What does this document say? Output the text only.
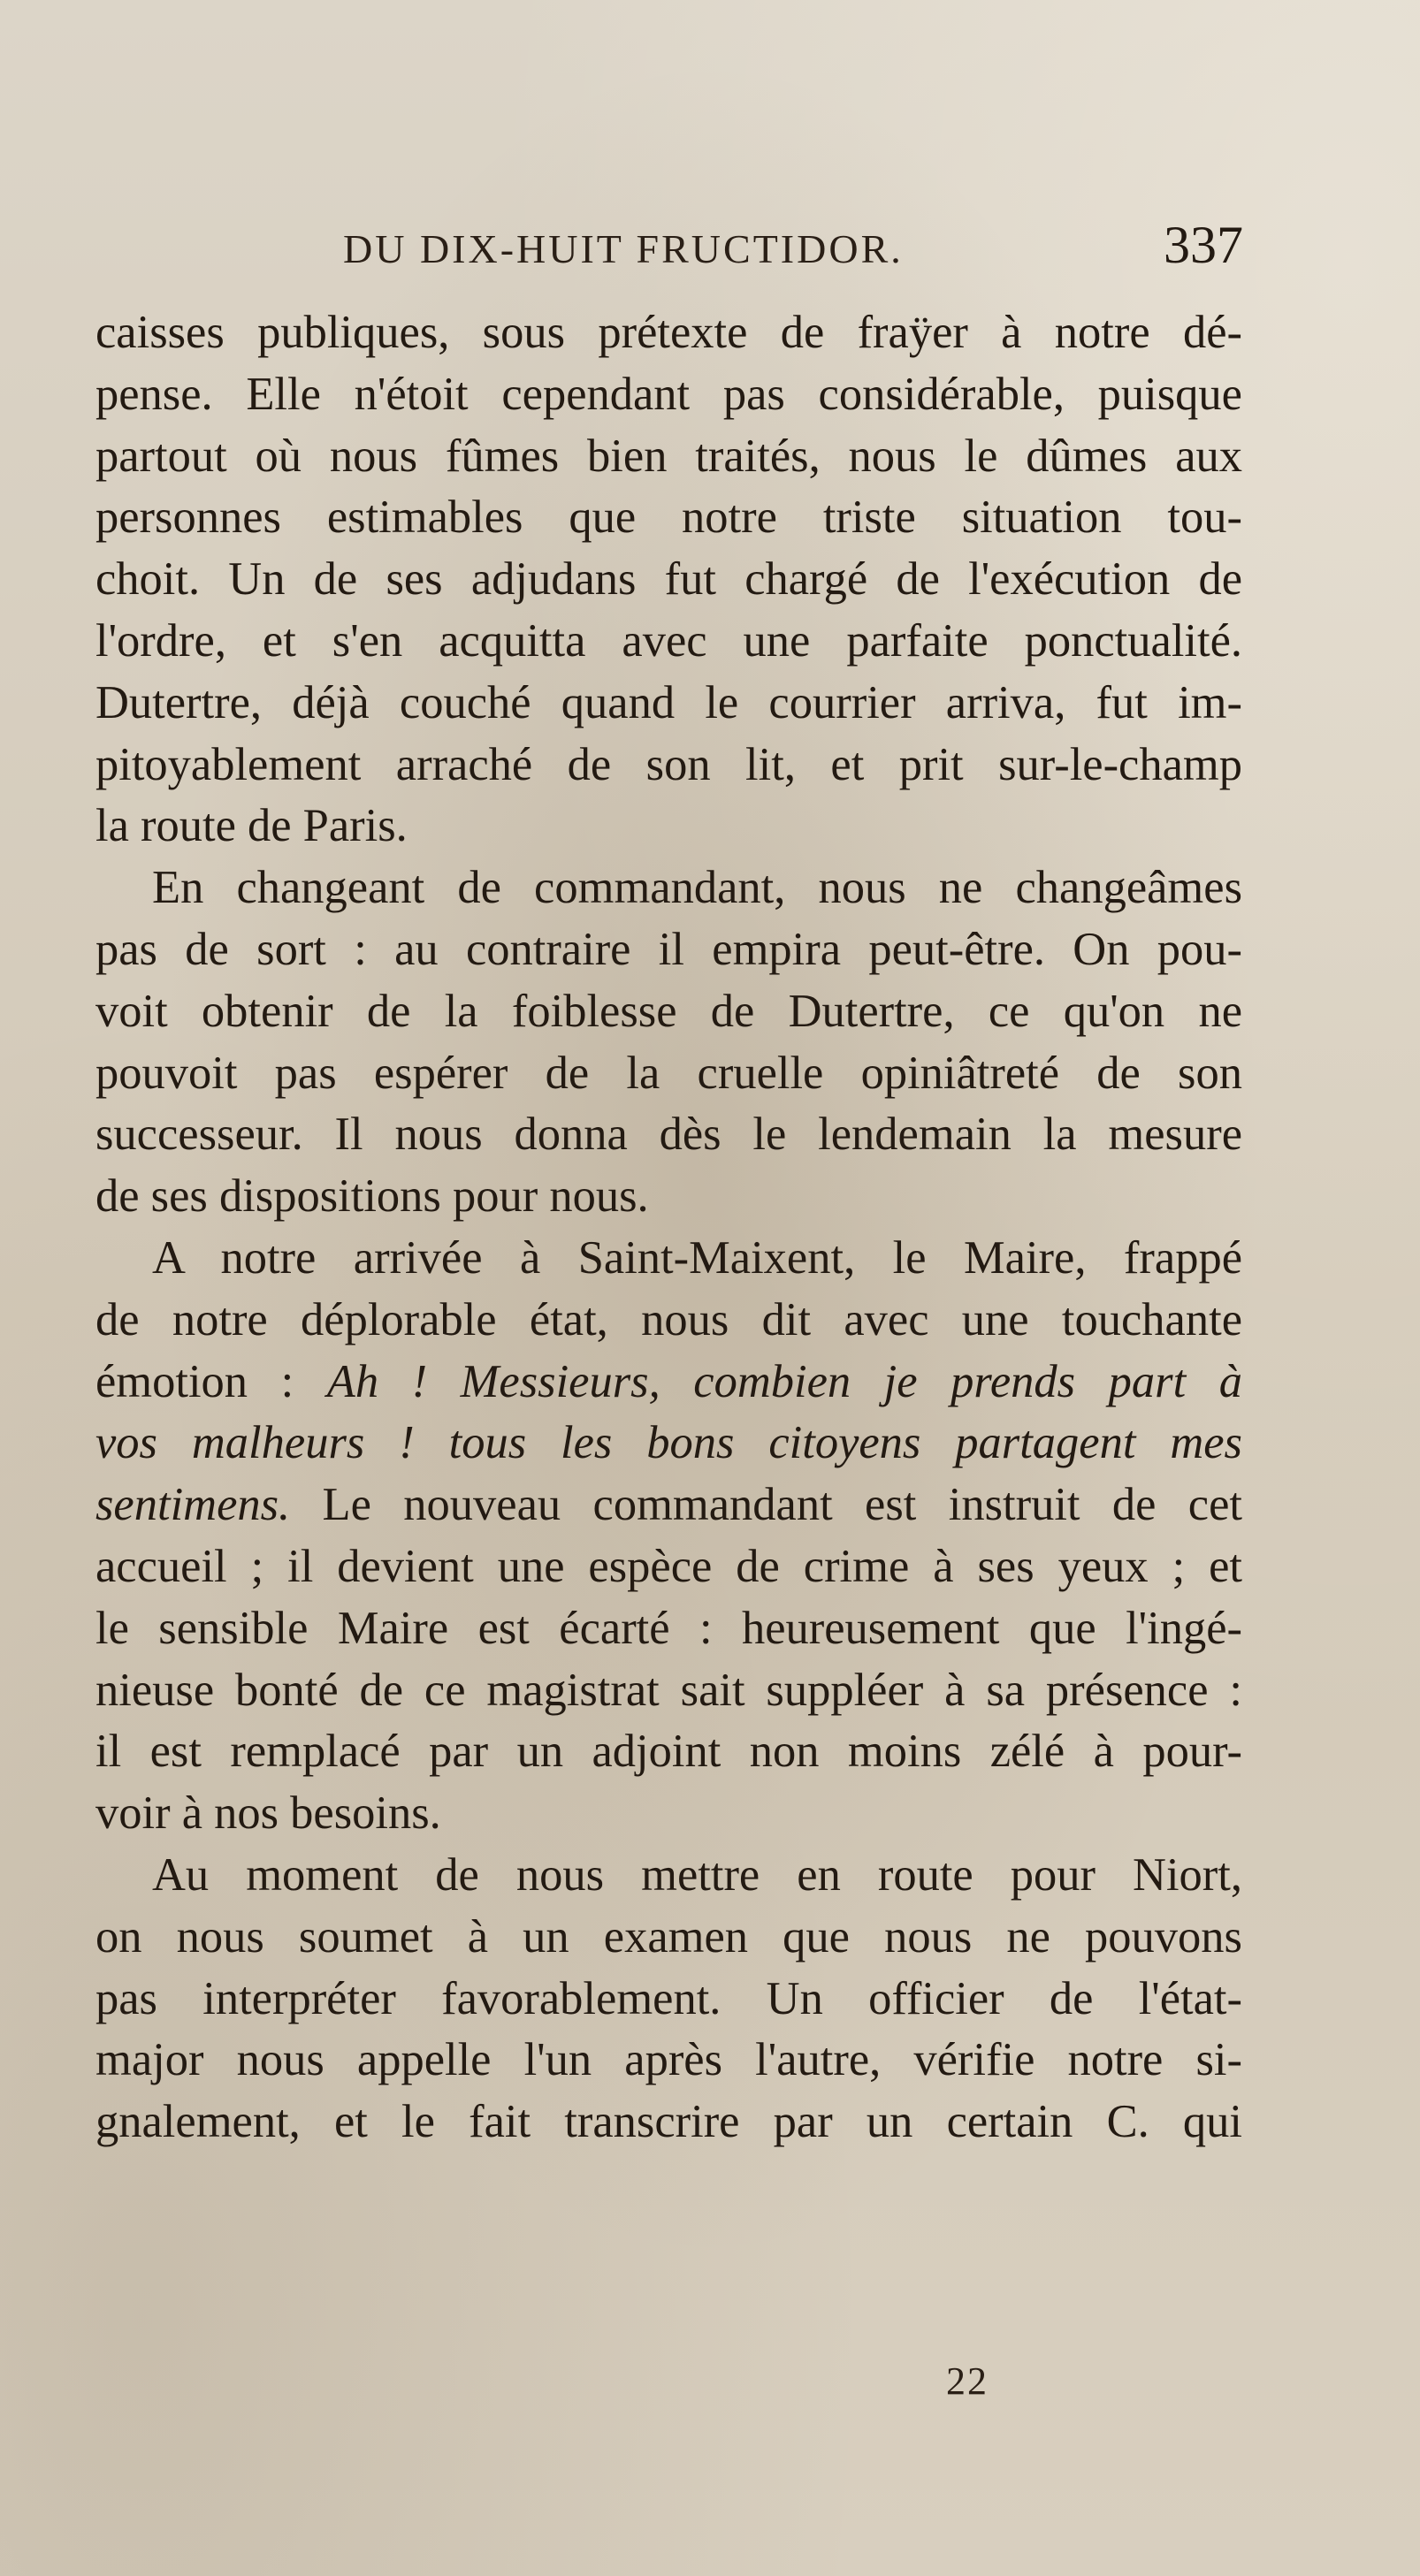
DU DIX-HUIT FRUCTIDOR.	337
caisses publiques, sous prétexte de fraÿer à notre dé-
pense. Elle n'étoit cependant pas considérable, puisque
partout où nous fûmes bien traités, nous le dûmes aux
personnes estimables que notre triste situation tou-
choit. Un de ses adjudans fut chargé de l'exécution de
l'ordre, et s'en acquitta avec une parfaite ponctualité.
Dutertre, déjà couché quand le courrier arriva, fut im-
pitoyablement arraché de son lit, et prit sur-le-champ
la route de Paris.
En changeant de commandant, nous ne changeâmes
pas de sort : au contraire il empira peut-être. On pou-
voit obtenir de la foiblesse de Dutertre, ce qu'on ne
pouvoit pas espérer de la cruelle opiniâtreté de son
successeur. Il nous donna dès le lendemain la mesure
de ses dispositions pour nous.
A notre arrivée à Saint-Maixent, le Maire, frappé
de notre déplorable état, nous dit avec une touchante
émotion : Ah ! Messieurs, combien je prends part à
vos malheurs ! tous les bons citoyens partagent mes
sentimens. Le nouveau commandant est instruit de cet
accueil ; il devient une espèce de crime à ses yeux ; et
le sensible Maire est écarté : heureusement que l'ingé-
nieuse bonté de ce magistrat sait suppléer à sa présence :
il est remplacé par un adjoint non moins zélé à pour-
voir à nos besoins.
Au moment de nous mettre en route pour Niort,
on nous soumet à un examen que nous ne pouvons
pas interpréter favorablement. Un officier de l'état-
major nous appelle l'un après l'autre, vérifie notre si-
gnalement, et le fait transcrire par un certain C. qui
22
